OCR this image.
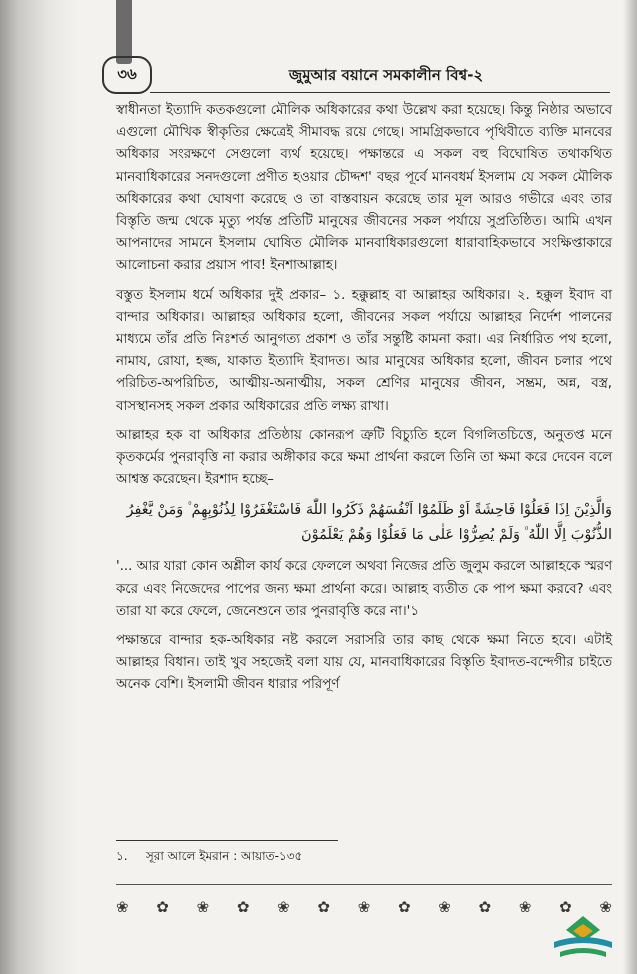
৩৬	জুমুআর বয়ানে সমকালীন বিশ্ব-২

স্বাধীনতা ইত্যাদি কতকগুলো মৌলিক অধিকারের কথা উল্লেখ করা হয়েছে। কিন্তু নিষ্ঠার অভাবে এগুলো মৌখিক স্বীকৃতির ক্ষেত্রেই সীমাবদ্ধ রয়ে গেছে। সামগ্রিকভাবে পৃথিবীতে ব্যক্তি মানবের অধিকার সংরক্ষণে সেগুলো ব্যর্থ হয়েছে। পক্ষান্তরে এ সকল বহু বিঘোষিত তথাকথিত মানবাধিকারের সনদগুলো প্রণীত হওয়ার চৌদ্দশ' বছর পূর্বে মানবধর্ম ইসলাম যে সকল মৌলিক অধিকারের কথা ঘোষণা করেছে ও তা বাস্তবায়ন করেছে তার মূল আরও গভীরে এবং তার বিস্তৃতি জন্ম থেকে মৃত্যু পর্যন্ত প্রতিটি মানুষের জীবনের সকল পর্যায়ে সুপ্রতিষ্ঠিত। আমি এখন আপনাদের সামনে ইসলাম ঘোষিত মৌলিক মানবাধিকারগুলো ধারাবাহিকভাবে সংক্ষিপ্তাকারে আলোচনা করার প্রয়াস পাব! ইনশাআল্লাহ।

বস্তুত ইসলাম ধর্মে অধিকার দুই প্রকার– ১. হক্কুল্লাহ বা আল্লাহর অধিকার। ২. হক্কুল ইবাদ বা বান্দার অধিকার। আল্লাহর অধিকার হলো, জীবনের সকল পর্যায়ে আল্লাহর নির্দেশ পালনের মাধ্যমে তাঁর প্রতি নিঃশর্ত আনুগত্য প্রকাশ ও তাঁর সন্তুষ্টি কামনা করা। এর নির্ধারিত পথ হলো, নামায, রোযা, হজ্জ, যাকাত ইত্যাদি ইবাদত। আর মানুষের অধিকার হলো, জীবন চলার পথে পরিচিত-অপরিচিত, আত্মীয়-অনাত্মীয়, সকল শ্রেণির মানুষের জীবন, সম্ভ্রম, অন্ন, বস্ত্র, বাসস্থানসহ সকল প্রকার অধিকারের প্রতি লক্ষ্য রাখা।

আল্লাহর হক বা অধিকার প্রতিষ্ঠায় কোনরূপ ত্রুটি বিচ্যুতি হলে বিগলিতচিত্তে, অনুতপ্ত মনে কৃতকর্মের পুনরাবৃত্তি না করার অঙ্গীকার করে ক্ষমা প্রার্থনা করলে তিনি তা ক্ষমা করে দেবেন বলে আশ্বস্ত করেছেন। ইরশাদ হচ্ছে–

وَالَّذِيْنَ اِذَا فَعَلُوْا فَاحِشَةً اَوْ ظَلَمُوْٓا اَنْفُسَهُمْ ذَكَرُوا اللّٰهَ فَاسْتَغْفَرُوْا لِذُنُوْبِهِمْ ۠ وَمَنْ يَّغْفِرُ الذُّنُوْبَ اِلَّا اللّٰهُ ۠ وَلَمْ يُصِرُّوْا عَلٰى مَا فَعَلُوْا وَهُمْ يَعْلَمُوْنَ

'... আর যারা কোন অশ্লীল কার্য করে ফেললে অথবা নিজের প্রতি জুলুম করলে আল্লাহকে স্মরণ করে এবং নিজেদের পাপের জন্য ক্ষমা প্রার্থনা করে। আল্লাহ ব্যতীত কে পাপ ক্ষমা করবে? এবং তারা যা করে ফেলে, জেনেশুনে তার পুনরাবৃত্তি করে না।'১

পক্ষান্তরে বান্দার হক-অধিকার নষ্ট করলে সরাসরি তার কাছ থেকে ক্ষমা নিতে হবে। এটাই আল্লাহর বিধান। তাই খুব সহজেই বলা যায় যে, মানবাধিকারের বিস্তৃতি ইবাদত-বন্দেগীর চাইতে অনেক বেশি। ইসলামী জীবন ধারার পরিপূর্ণ

১. সূরা আলে ইমরান : আয়াত-১৩৫
❀ ✿ ❀ ✿ ❀ ✿ ❀ ✿ ❀ ✿ ❀ ✿ ❀
